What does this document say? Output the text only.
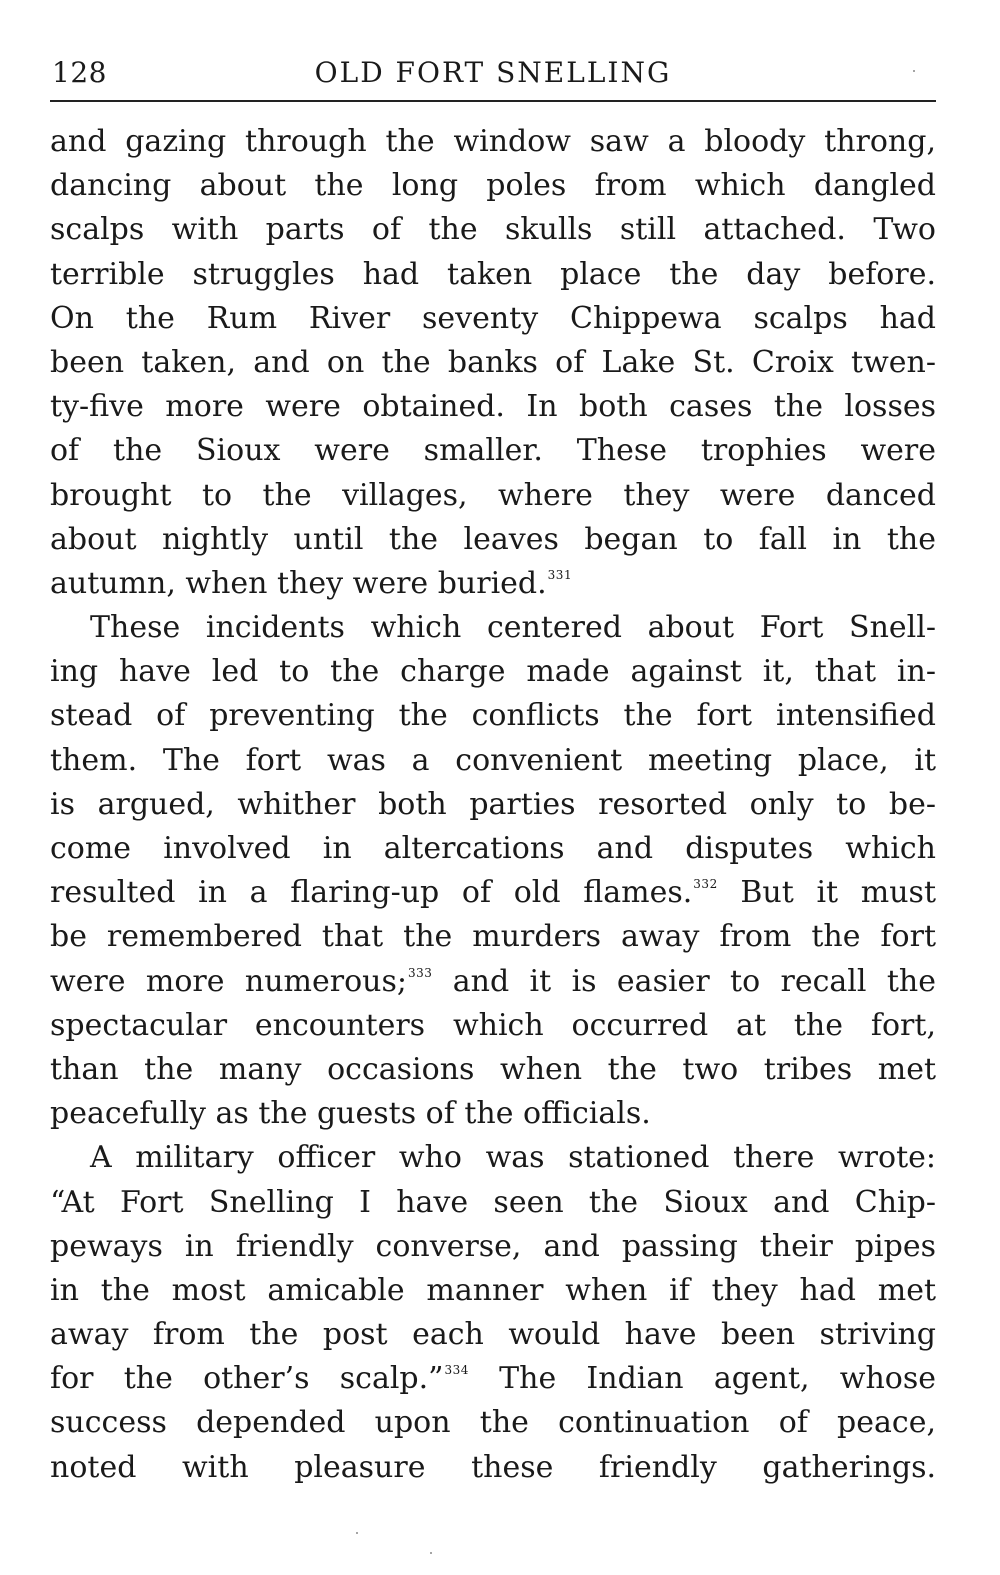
128	OLD FORT SNELLING
and gazing through the window saw a bloody throng,
dancing about the long poles from which dangled
scalps with parts of the skulls still attached. Two
terrible struggles had taken place the day before.
On the Rum River seventy Chippewa scalps had
been taken, and on the banks of Lake St. Croix twen-
ty-five more were obtained. In both cases the losses
of the Sioux were smaller. These trophies were
brought to the villages, where they were danced
about nightly until the leaves began to fall in the
autumn, when they were buried.$^{331}$
These incidents which centered about Fort Snell-
ing have led to the charge made against it, that in-
stead of preventing the conflicts the fort intensified
them. The fort was a convenient meeting place, it
is argued, whither both parties resorted only to be-
come involved in altercations and disputes which
resulted in a flaring-up of old flames.$^{332}$ But it must
be remembered that the murders away from the fort
were more numerous;$^{333}$ and it is easier to recall the
spectacular encounters which occurred at the fort,
than the many occasions when the two tribes met
peacefully as the guests of the officials.
A military officer who was stationed there wrote:
“At Fort Snelling I have seen the Sioux and Chip-
peways in friendly converse, and passing their pipes
in the most amicable manner when if they had met
away from the post each would have been striving
for the other’s scalp.”$^{334}$ The Indian agent, whose
success depended upon the continuation of peace,
noted with pleasure these friendly gatherings.
